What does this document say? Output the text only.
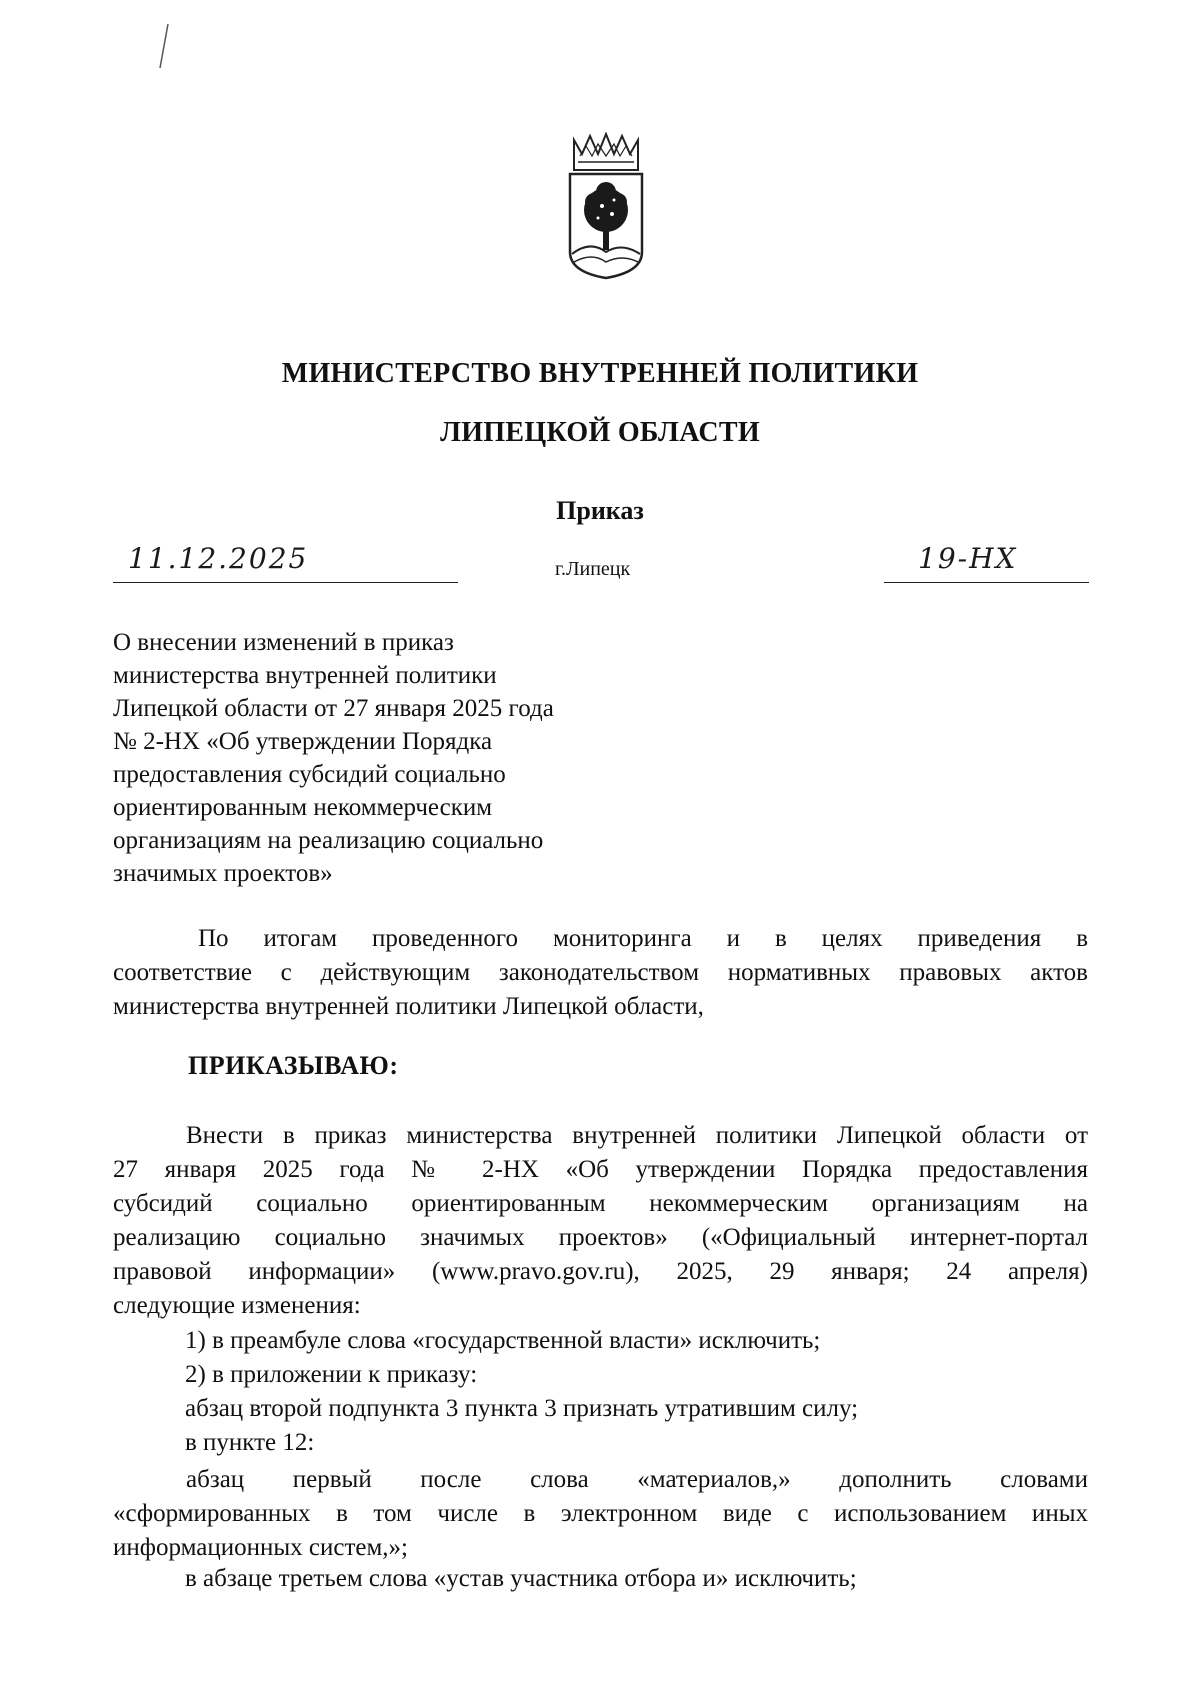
МИНИСТЕРСТВО ВНУТРЕННЕЙ ПОЛИТИКИ
ЛИПЕЦКОЙ ОБЛАСТИ
Приказ
11.12.2025	г.Липецк	19-НХ
О внесении изменений в приказ
министерства внутренней политики
Липецкой области от 27 января 2025 года
№ 2-НХ «Об утверждении Порядка
предоставления субсидий социально
ориентированным некоммерческим
организациям на реализацию социально
значимых проектов»
По итогам проведенного мониторинга и в целях приведения в
соответствие с действующим законодательством нормативных правовых актов
министерства внутренней политики Липецкой области,
ПРИКАЗЫВАЮ:
Внести в приказ министерства внутренней политики Липецкой области от
27 января 2025 года № 2-НХ «Об утверждении Порядка предоставления
субсидий социально ориентированным некоммерческим организациям на
реализацию социально значимых проектов» («Официальный интернет-портал
правовой информации» (www.pravo.gov.ru), 2025, 29 января; 24 апреля)
следующие изменения:
1) в преамбуле слова «государственной власти» исключить;
2) в приложении к приказу:
абзац второй подпункта 3 пункта 3 признать утратившим силу;
в пункте 12:
абзац первый после слова «материалов,» дополнить словами
«сформированных в том числе в электронном виде с использованием иных
информационных систем,»;
в абзаце третьем слова «устав участника отбора и» исключить;
